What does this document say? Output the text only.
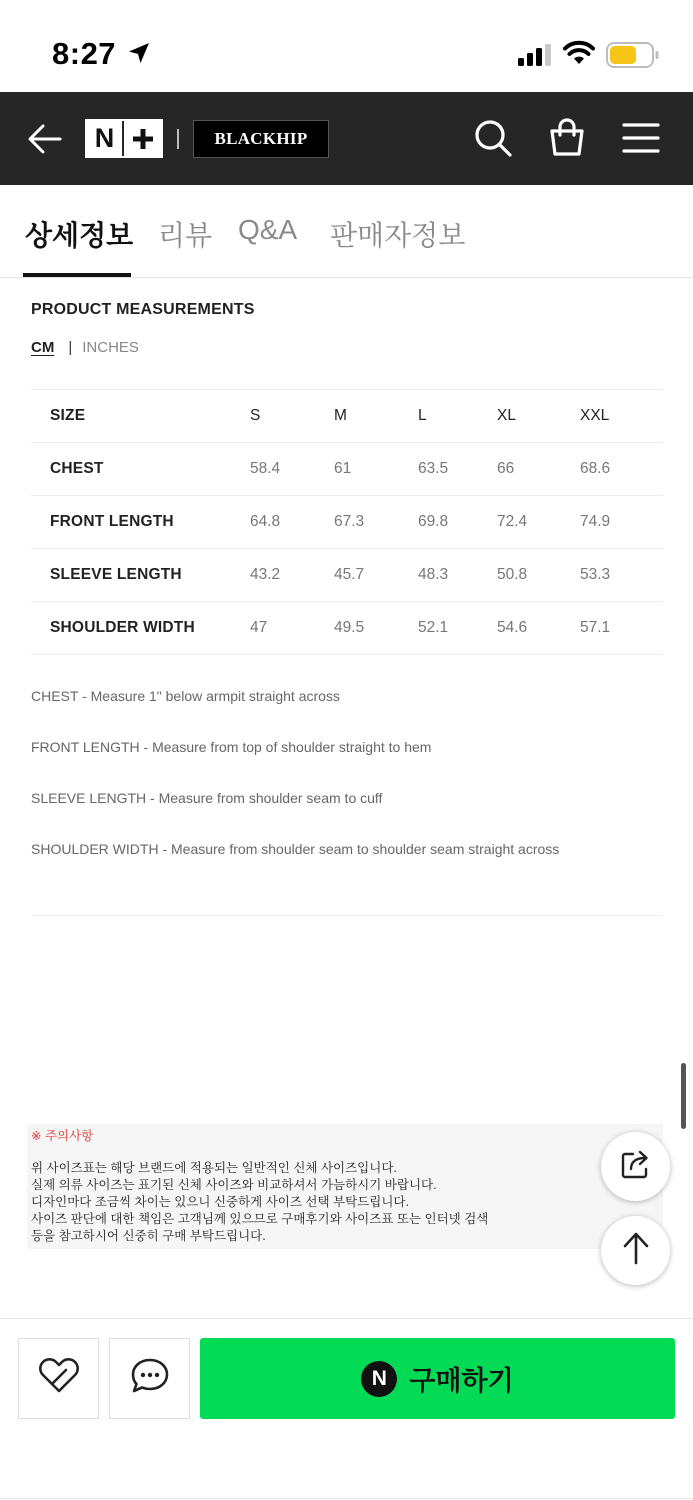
8:27
N	BLACKHIP
상세정보 리뷰 Q&A 판매자정보
PRODUCT MEASUREMENTS
CM | INCHES
SIZE	S	M	L	XL	XXL
CHEST	58.4	61	63.5	66	68.6
FRONT LENGTH	64.8	67.3	69.8	72.4	74.9
SLEEVE LENGTH	43.2	45.7	48.3	50.8	53.3
SHOULDER WIDTH	47	49.5	52.1	54.6	57.1
CHEST - Measure 1" below armpit straight across
FRONT LENGTH - Measure from top of shoulder straight to hem
SLEEVE LENGTH - Measure from shoulder seam to cuff
SHOULDER WIDTH - Measure from shoulder seam to shoulder seam straight across
※ 주의사항
위 사이즈표는 해당 브랜드에 적용되는 일반적인 신체 사이즈입니다.
실제 의류 사이즈는 표기된 신체 사이즈와 비교하셔서 가늠하시기 바랍니다.
디자인마다 조금씩 차이는 있으니 신중하게 사이즈 선택 부탁드립니다.
사이즈 판단에 대한 책임은 고객님께 있으므로 구매후기와 사이즈표 또는 인터넷 검색
등을 참고하시어 신중히 구매 부탁드립니다.
N 구매하기
